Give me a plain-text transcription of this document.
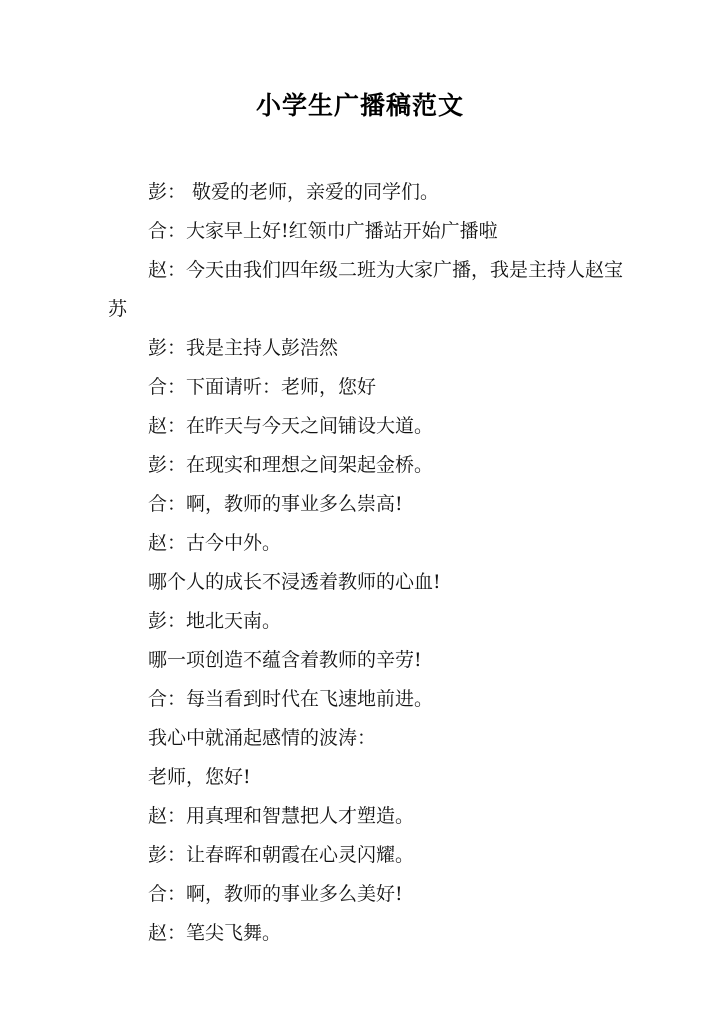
小学生广播稿范文

彭： 敬爱的老师，亲爱的同学们。

合：大家早上好!红领巾广播站开始广播啦

赵：今天由我们四年级二班为大家广播，我是主持人赵宝苏

彭：我是主持人彭浩然

合：下面请听：老师，您好

赵：在昨天与今天之间铺设大道。

彭：在现实和理想之间架起金桥。

合：啊，教师的事业多么崇高!

赵：古今中外。

哪个人的成长不浸透着教师的心血!

彭：地北天南。

哪一项创造不蕴含着教师的辛劳!

合：每当看到时代在飞速地前进。

我心中就涌起感情的波涛：

老师，您好!

赵：用真理和智慧把人才塑造。

彭：让春晖和朝霞在心灵闪耀。

合：啊，教师的事业多么美好!

赵：笔尖飞舞。
